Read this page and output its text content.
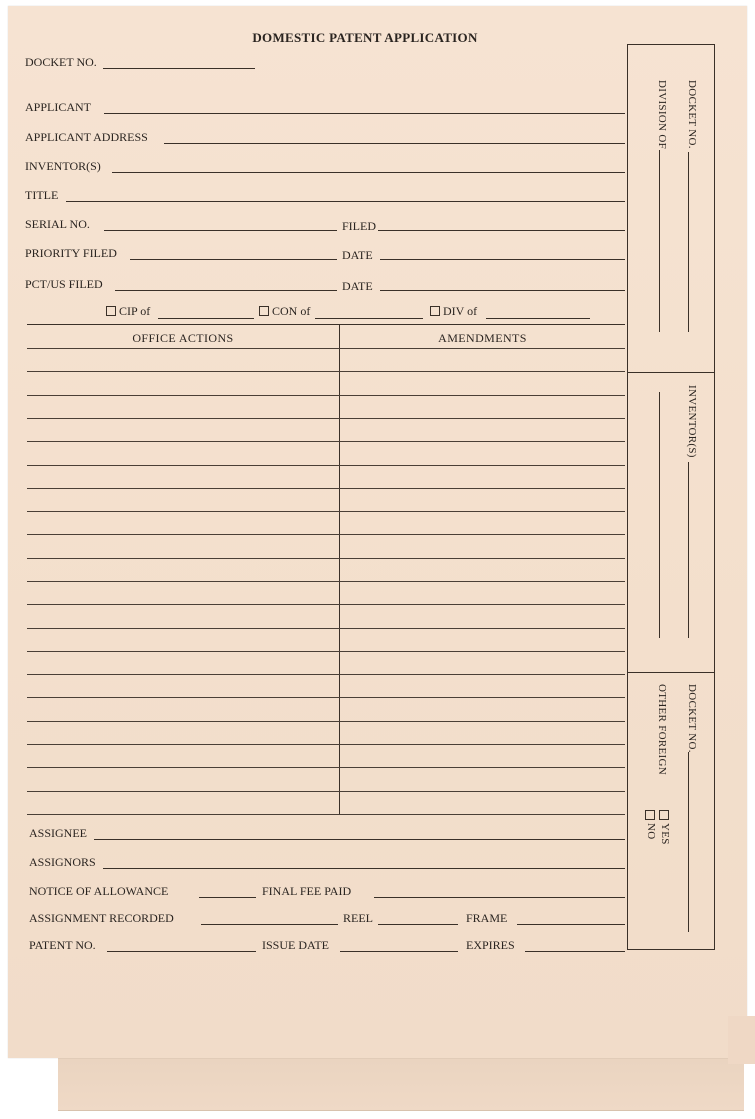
DOMESTIC PATENT APPLICATION
DOCKET NO.
APPLICANT
APPLICANT ADDRESS
INVENTOR(S)
TITLE
SERIAL NO.	FILED
PRIORITY FILED	DATE
PCT/US FILED	DATE
CIP of	CON of	DIV of
OFFICE ACTIONS	AMENDMENTS
DOCKET NO.
DIVISION OF
INVENTOR(S)
DOCKET NO.
OTHER FOREIGN
YES
NO
ASSIGNEE
ASSIGNORS
NOTICE OF ALLOWANCE	FINAL FEE PAID
ASSIGNMENT RECORDED	REEL	FRAME
PATENT NO.	ISSUE DATE	EXPIRES
